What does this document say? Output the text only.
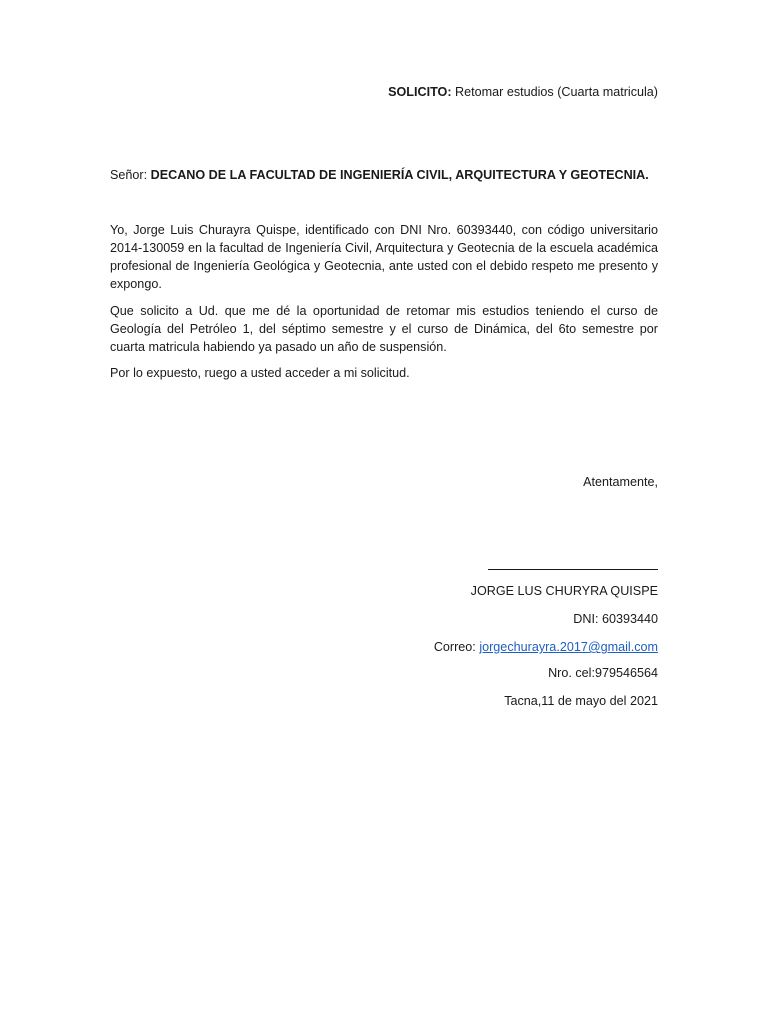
SOLICITO: Retomar estudios (Cuarta matricula)
Señor: DECANO DE LA FACULTAD DE INGENIERÍA CIVIL, ARQUITECTURA Y GEOTECNIA.
Yo, Jorge Luis Churayra Quispe, identificado con DNI Nro. 60393440, con código universitario 2014-130059 en la facultad de Ingeniería Civil, Arquitectura y Geotecnia de la escuela académica profesional de Ingeniería Geológica y Geotecnia, ante usted con el debido respeto me presento y expongo.
Que solicito a Ud. que me dé la oportunidad de retomar mis estudios teniendo el curso de Geología del Petróleo 1, del séptimo semestre y el curso de Dinámica, del 6to semestre por cuarta matricula habiendo ya pasado un año de suspensión.
Por lo expuesto, ruego a usted acceder a mi solicitud.
Atentamente,
JORGE LUS CHURYRA QUISPE
DNI: 60393440
Correo: jorgechurayra.2017@gmail.com
Nro. cel:979546564
Tacna,11 de mayo del 2021
